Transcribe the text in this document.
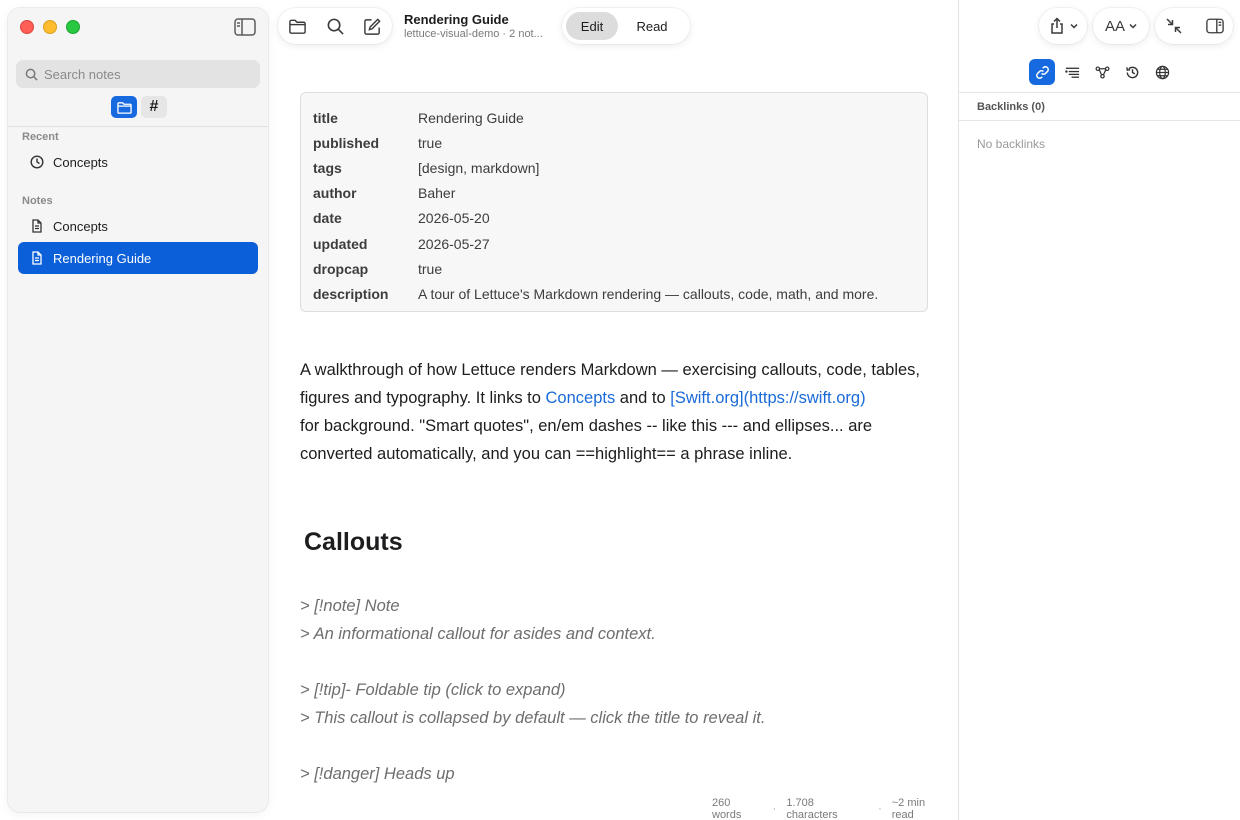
Search notes
#
Recent
Concepts
Notes
Concepts
Rendering Guide
Rendering Guide
lettuce-visual-demo · 2 not...
Edit	Read
title	Rendering Guide
published	true
tags	[design, markdown]
author	Baher
date	2026-05-20
updated	2026-05-27
dropcap	true
description	A tour of Lettuce's Markdown rendering — callouts, code, math, and more.
A walkthrough of how Lettuce renders Markdown — exercising callouts, code, tables,
figures and typography. It links to Concepts and to [Swift.org](https://swift.org)
for background. "Smart quotes", en/em dashes -- like this --- and ellipses... are
converted automatically, and you can ==highlight== a phrase inline.
Callouts
> [!note] Note
> An informational callout for asides and context.
> [!tip]- Foldable tip (click to expand)
> This callout is collapsed by default — click the title to reveal it.
> [!danger] Heads up
260 words	· 1.708 characters	· ~2 min read
AA
Backlinks (0)
No backlinks
